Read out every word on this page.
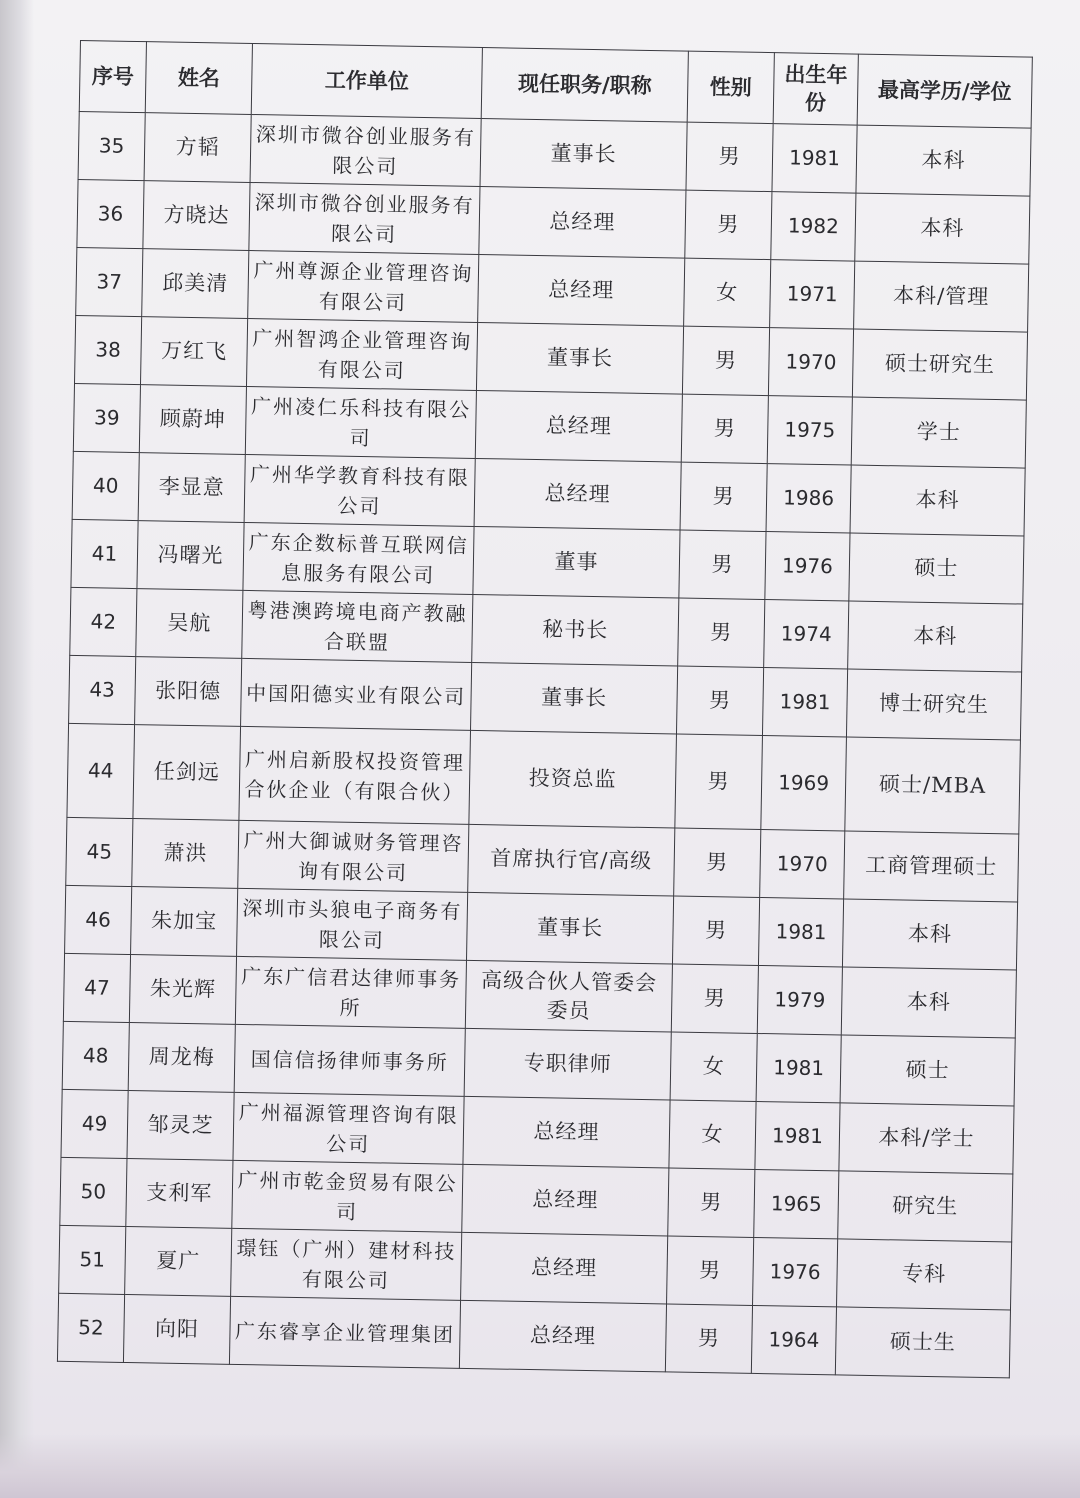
序号	姓名	工作单位	现任职务/职称	性别	出生年份	最高学历/学位
35	方韬	深圳市微谷创业服务有限公司	董事长	男	1981	本科
36	方晓达	深圳市微谷创业服务有限公司	总经理	男	1982	本科
37	邱美清	广州尊源企业管理咨询有限公司	总经理	女	1971	本科/管理
38	万红飞	广州智鸿企业管理咨询有限公司	董事长	男	1970	硕士研究生
39	顾蔚坤	广州凌仁乐科技有限公司	总经理	男	1975	学士
40	李显意	广州华学教育科技有限公司	总经理	男	1986	本科
41	冯曙光	广东企数标普互联网信息服务有限公司	董事	男	1976	硕士
42	吴航	粤港澳跨境电商产教融合联盟	秘书长	男	1974	本科
43	张阳德	中国阳德实业有限公司	董事长	男	1981	博士研究生
44	任剑远	广州启新股权投资管理合伙企业（有限合伙）	投资总监	男	1969	硕士/MBA
45	萧洪	广州大御诚财务管理咨询有限公司	首席执行官/高级	男	1970	工商管理硕士
46	朱加宝	深圳市头狼电子商务有限公司	董事长	男	1981	本科
47	朱光辉	广东广信君达律师事务所	高级合伙人管委会委员	男	1979	本科
48	周龙梅	国信信扬律师事务所	专职律师	女	1981	硕士
49	邹灵芝	广州福源管理咨询有限公司	总经理	女	1981	本科/学士
50	支利军	广州市乾金贸易有限公司	总经理	男	1965	研究生
51	夏广	璟钰（广州）建材科技有限公司	总经理	男	1976	专科
52	向阳	广东睿享企业管理集团	总经理	男	1964	硕士生
